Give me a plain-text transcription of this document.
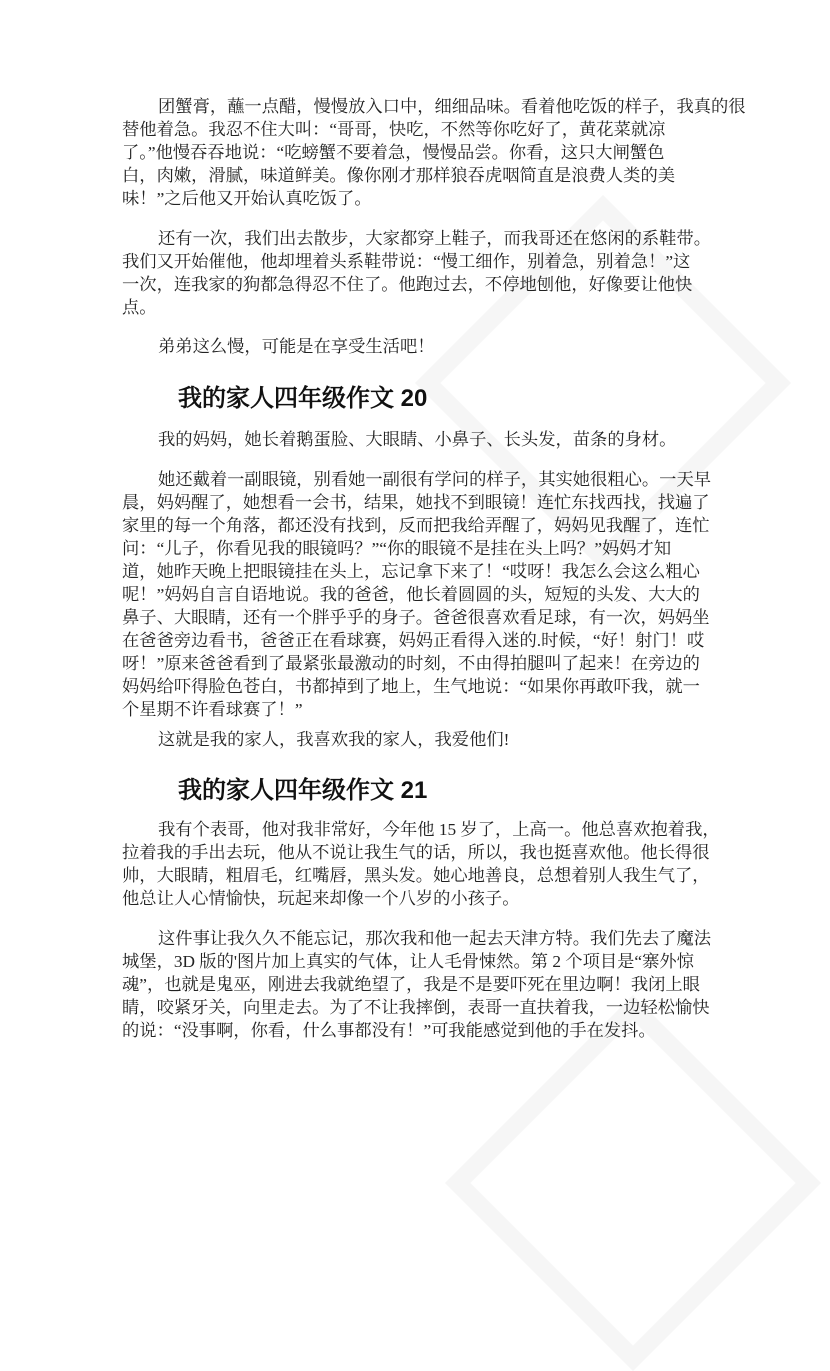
团蟹膏，蘸一点醋，慢慢放入口中，细细品味。看着他吃饭的样子，我真的很
替他着急。我忍不住大叫：“哥哥，快吃，不然等你吃好了，黄花菜就凉
了。”他慢吞吞地说：“吃螃蟹不要着急，慢慢品尝。你看，这只大闸蟹色
白，肉嫩，滑腻，味道鲜美。像你刚才那样狼吞虎咽简直是浪费人类的美
味！”之后他又开始认真吃饭了。
还有一次，我们出去散步，大家都穿上鞋子，而我哥还在悠闲的系鞋带。
我们又开始催他，他却埋着头系鞋带说：“慢工细作，别着急，别着急！”这
一次，连我家的狗都急得忍不住了。他跑过去，不停地刨他，好像要让他快
点。
弟弟这么慢，可能是在享受生活吧！
我的家人四年级作文 20
我的妈妈，她长着鹅蛋脸、大眼睛、小鼻子、长头发，苗条的身材。
她还戴着一副眼镜，别看她一副很有学问的样子，其实她很粗心。一天早
晨，妈妈醒了，她想看一会书，结果，她找不到眼镜！连忙东找西找，找遍了
家里的每一个角落，都还没有找到，反而把我给弄醒了，妈妈见我醒了，连忙
问：“儿子，你看见我的眼镜吗？”“你的眼镜不是挂在头上吗？”妈妈才知
道，她昨天晚上把眼镜挂在头上，忘记拿下来了！“哎呀！我怎么会这么粗心
呢！”妈妈自言自语地说。我的爸爸，他长着圆圆的头，短短的头发、大大的
鼻子、大眼睛，还有一个胖乎乎的身子。爸爸很喜欢看足球，有一次，妈妈坐
在爸爸旁边看书，爸爸正在看球赛，妈妈正看得入迷的.时候，“好！射门！哎
呀！”原来爸爸看到了最紧张最激动的时刻，不由得拍腿叫了起来！在旁边的
妈妈给吓得脸色苍白，书都掉到了地上，生气地说：“如果你再敢吓我，就一
个星期不许看球赛了！”
这就是我的家人，我喜欢我的家人，我爱他们!
我的家人四年级作文 21
我有个表哥，他对我非常好，今年他 15 岁了，上高一。他总喜欢抱着我，
拉着我的手出去玩，他从不说让我生气的话，所以，我也挺喜欢他。他长得很
帅，大眼睛，粗眉毛，红嘴唇，黑头发。她心地善良，总想着别人我生气了，
他总让人心情愉快，玩起来却像一个八岁的小孩子。
这件事让我久久不能忘记，那次我和他一起去天津方特。我们先去了魔法
城堡，3D 版的'图片加上真实的气体，让人毛骨悚然。第 2 个项目是“寨外惊
魂”，也就是鬼巫，刚进去我就绝望了，我是不是要吓死在里边啊！我闭上眼
睛，咬紧牙关，向里走去。为了不让我摔倒，表哥一直扶着我，一边轻松愉快
的说：“没事啊，你看，什么事都没有！”可我能感觉到他的手在发抖。
